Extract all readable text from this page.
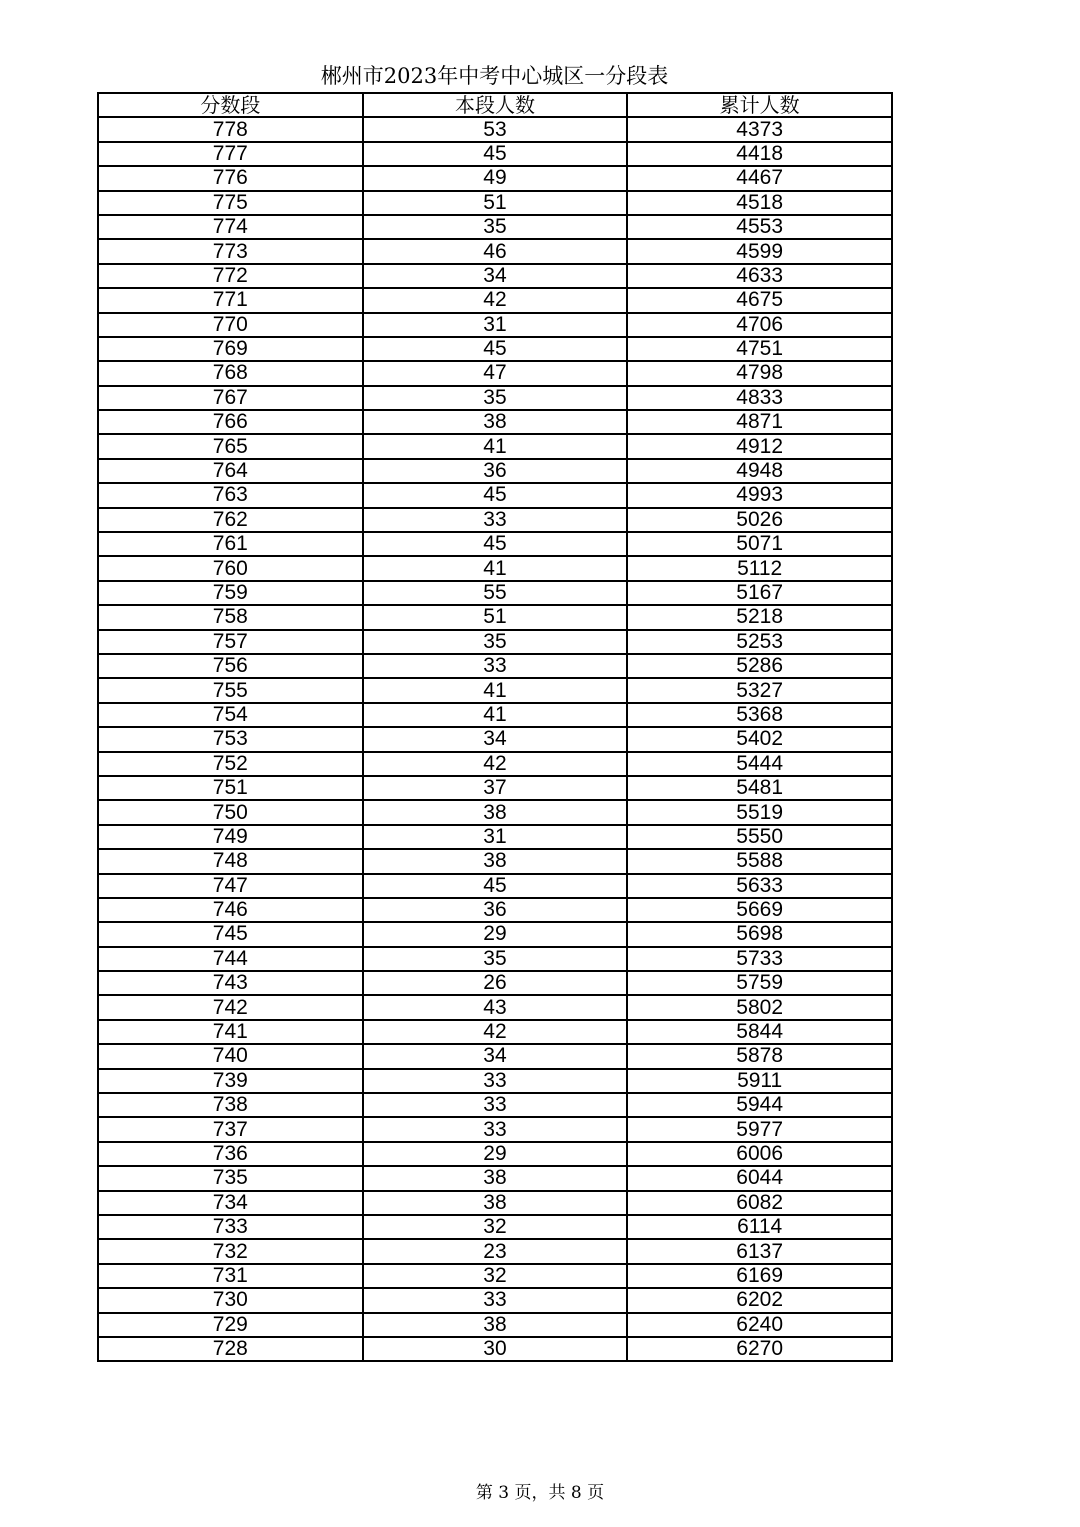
郴州市2023年中考中心城区一分段表
分数段	本段人数	累计人数
778	53	4373
777	45	4418
776	49	4467
775	51	4518
774	35	4553
773	46	4599
772	34	4633
771	42	4675
770	31	4706
769	45	4751
768	47	4798
767	35	4833
766	38	4871
765	41	4912
764	36	4948
763	45	4993
762	33	5026
761	45	5071
760	41	5112
759	55	5167
758	51	5218
757	35	5253
756	33	5286
755	41	5327
754	41	5368
753	34	5402
752	42	5444
751	37	5481
750	38	5519
749	31	5550
748	38	5588
747	45	5633
746	36	5669
745	29	5698
744	35	5733
743	26	5759
742	43	5802
741	42	5844
740	34	5878
739	33	5911
738	33	5944
737	33	5977
736	29	6006
735	38	6044
734	38	6082
733	32	6114
732	23	6137
731	32	6169
730	33	6202
729	38	6240
728	30	6270
第 3 页，共 8 页
